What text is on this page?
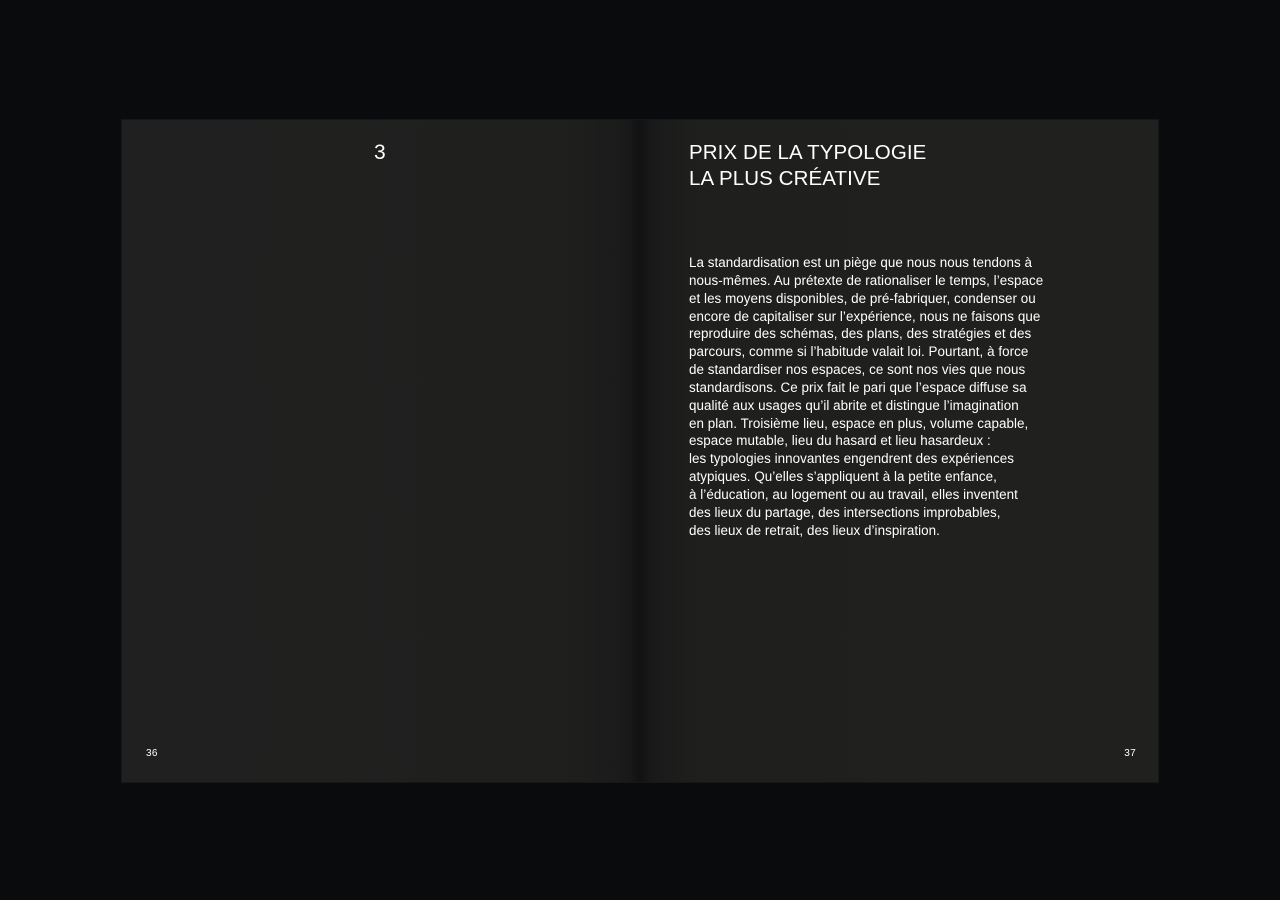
3
36
PRIX DE LA TYPOLOGIE
LA PLUS CRÉATIVE

La standardisation est un piège que nous nous tendons à
nous-mêmes. Au prétexte de rationaliser le temps, l’espace
et les moyens disponibles, de pré-fabriquer, condenser ou
encore de capitaliser sur l’expérience, nous ne faisons que
reproduire des schémas, des plans, des stratégies et des
parcours, comme si l’habitude valait loi. Pourtant, à force
de standardiser nos espaces, ce sont nos vies que nous
standardisons. Ce prix fait le pari que l’espace diffuse sa
qualité aux usages qu’il abrite et distingue l’imagination
en plan. Troisième lieu, espace en plus, volume capable,
espace mutable, lieu du hasard et lieu hasardeux :
les typologies innovantes engendrent des expériences
atypiques. Qu’elles s’appliquent à la petite enfance,
à l’éducation, au logement ou au travail, elles inventent
des lieux du partage, des intersections improbables,
des lieux de retrait, des lieux d’inspiration.

37
